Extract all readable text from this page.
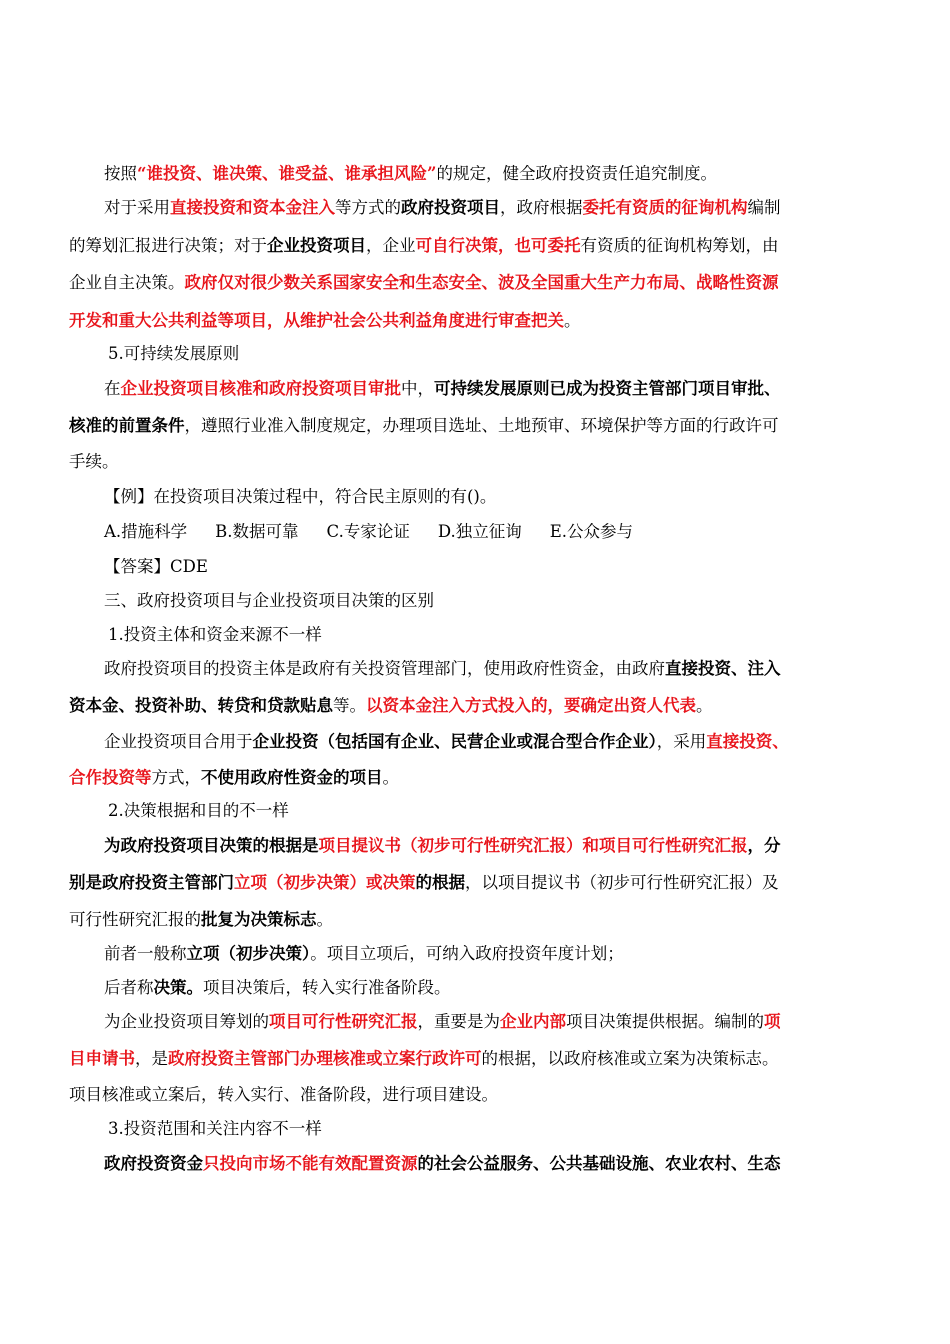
按照“谁投资、谁决策、谁受益、谁承担风险”的规定，健全政府投资责任追究制度。
对于采用直接投资和资本金注入等方式的政府投资项目，政府根据委托有资质的征询机构编制
的筹划汇报进行决策；对于企业投资项目，企业可自行决策，也可委托有资质的征询机构筹划，由
企业自主决策。政府仅对很少数关系国家安全和生态安全、波及全国重大生产力布局、战略性资源
开发和重大公共利益等项目，从维护社会公共利益角度进行审查把关。
5.可持续发展原则
在企业投资项目核准和政府投资项目审批中，可持续发展原则已成为投资主管部门项目审批、
核准的前置条件，遵照行业准入制度规定，办理项目选址、土地预审、环境保护等方面的行政许可
手续。
【例】在投资项目决策过程中，符合民主原则的有()。
A.措施科学 B.数据可靠 C.专家论证 D.独立征询 E.公众参与
【答案】CDE
三、政府投资项目与企业投资项目决策的区别
1.投资主体和资金来源不一样
政府投资项目的投资主体是政府有关投资管理部门，使用政府性资金，由政府直接投资、注入
资本金、投资补助、转贷和贷款贴息等。以资本金注入方式投入的，要确定出资人代表。
企业投资项目合用于企业投资（包括国有企业、民营企业或混合型合作企业），采用直接投资、
合作投资等方式，不使用政府性资金的项目。
2.决策根据和目的不一样
为政府投资项目决策的根据是项目提议书（初步可行性研究汇报）和项目可行性研究汇报，分
别是政府投资主管部门立项（初步决策）或决策的根据，以项目提议书（初步可行性研究汇报）及
可行性研究汇报的批复为决策标志。
前者一般称立项（初步决策）。项目立项后，可纳入政府投资年度计划；
后者称决策。项目决策后，转入实行准备阶段。
为企业投资项目筹划的项目可行性研究汇报，重要是为企业内部项目决策提供根据。编制的项
目申请书，是政府投资主管部门办理核准或立案行政许可的根据，以政府核准或立案为决策标志。
项目核准或立案后，转入实行、准备阶段，进行项目建设。
3.投资范围和关注内容不一样
政府投资资金只投向市场不能有效配置资源的社会公益服务、公共基础设施、农业农村、生态
